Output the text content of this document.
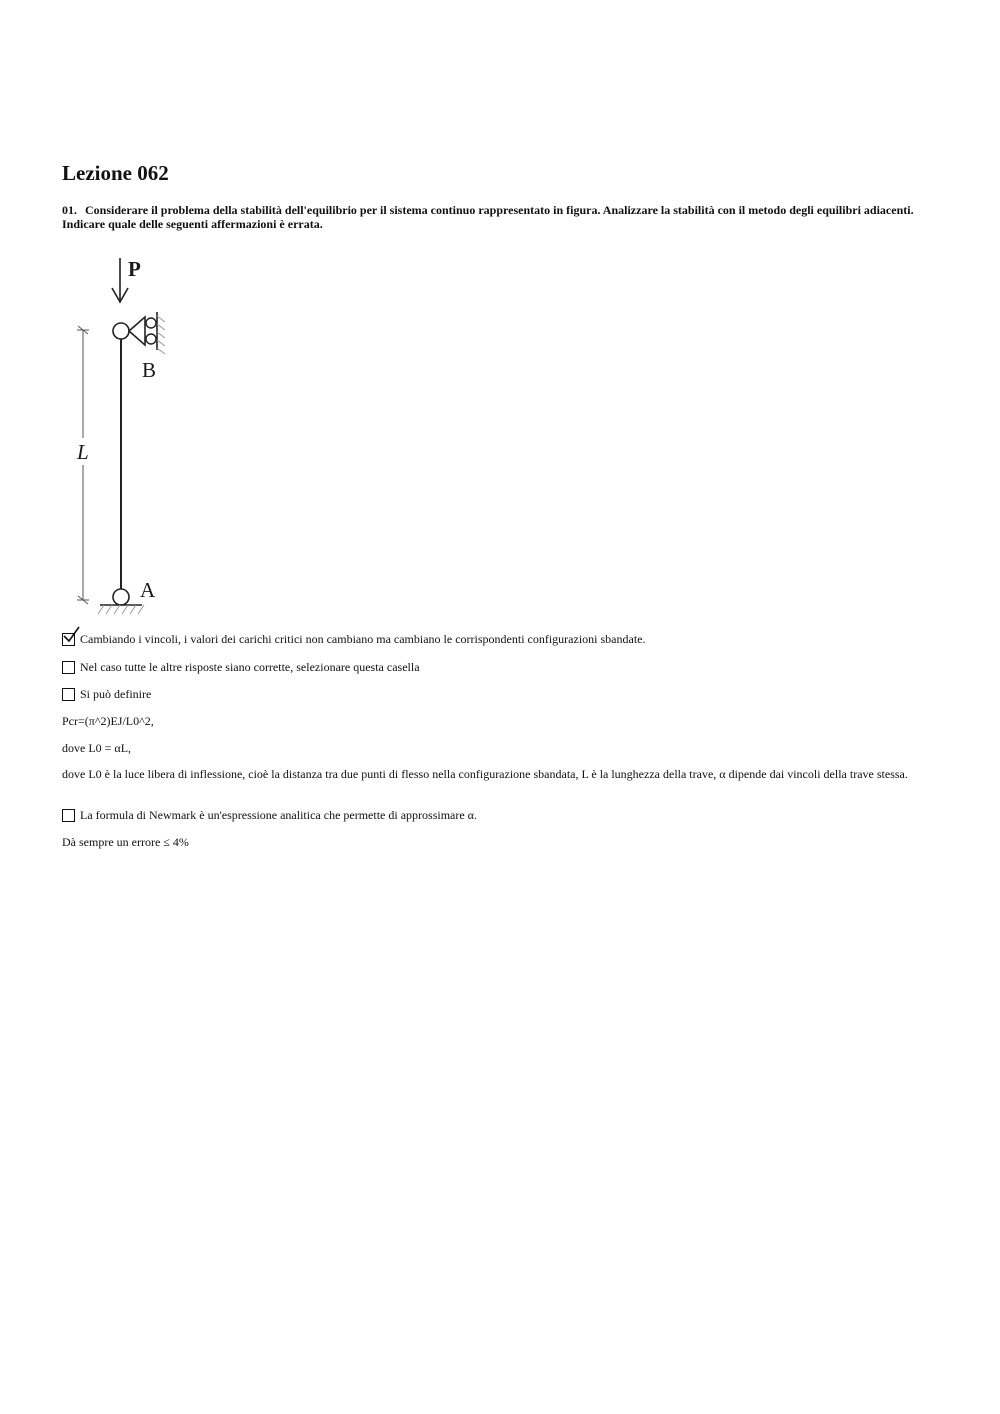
Lezione 062

01. Considerare il problema della stabilità dell'equilibrio per il sistema continuo rappresentato in figura. Analizzare la stabilità con il metodo degli equilibri adiacenti. Indicare quale delle seguenti affermazioni è errata.

P
B
A
L
Cambiando i vincoli, i valori dei carichi critici non cambiano ma cambiano le corrispondenti configurazioni sbandate.
Nel caso tutte le altre risposte siano corrette, selezionare questa casella
Si può definire

Pcr=(π^2)EJ/L0^2,

dove L0 = αL,

dove L0 è la luce libera di inflessione, cioè la distanza tra due punti di flesso nella configurazione sbandata, L è la lunghezza della trave, α dipende dai vincoli della trave stessa.

La formula di Newmark è un'espressione analitica che permette di approssimare α.

Dà sempre un errore ≤ 4%
